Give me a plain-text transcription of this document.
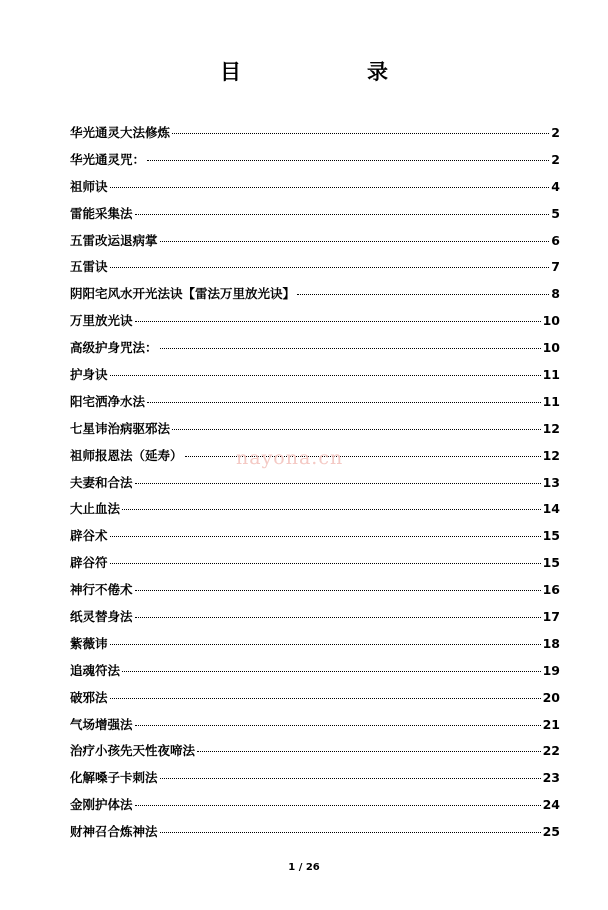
目　　录
华光通灵大法修炼	2
华光通灵咒：	2
祖师诀	4
雷能采集法	5
五雷改运退病掌	6
五雷诀	7
阴阳宅风水开光法诀【雷法万里放光诀】	8
万里放光诀	10
高级护身咒法：	10
护身诀	11
阳宅洒净水法	11
七星讳治病驱邪法	12
祖师报恩法（延寿）	12
夫妻和合法	13
大止血法	14
辟谷术	15
辟谷符	15
神行不倦术	16
纸灵替身法	17
紫薇讳	18
追魂符法	19
破邪法	20
气场增强法	21
治疗小孩先天性夜啼法	22
化解嗓子卡刺法	23
金刚护体法	24
财神召合炼神法	25
nayona.cn
1 / 26
